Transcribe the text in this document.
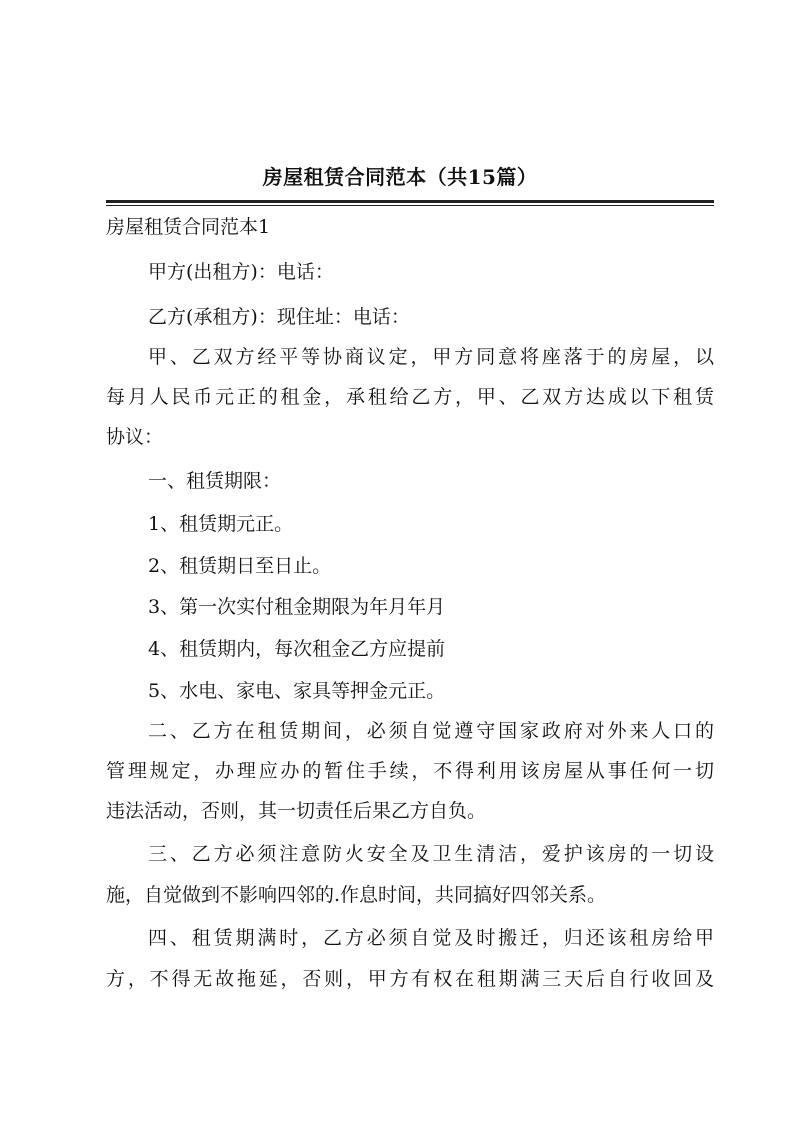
房屋租赁合同范本（共15篇）
房屋租赁合同范本1
甲方(出租方)：电话：
乙方(承租方)：现住址：电话：
甲、乙双方经平等协商议定，甲方同意将座落于的房屋，以
每月人民币元正的租金，承租给乙方，甲、乙双方达成以下租赁
协议：
一、租赁期限：
1、租赁期元正。
2、租赁期日至日止。
3、第一次实付租金期限为年月年月
4、租赁期内，每次租金乙方应提前
5、水电、家电、家具等押金元正。
二、乙方在租赁期间，必须自觉遵守国家政府对外来人口的
管理规定，办理应办的暂住手续，不得利用该房屋从事任何一切
违法活动，否则，其一切责任后果乙方自负。
三、乙方必须注意防火安全及卫生清洁，爱护该房的一切设
施，自觉做到不影响四邻的.作息时间，共同搞好四邻关系。
四、租赁期满时，乙方必须自觉及时搬迁，归还该租房给甲
方，不得无故拖延，否则，甲方有权在租期满三天后自行收回及
